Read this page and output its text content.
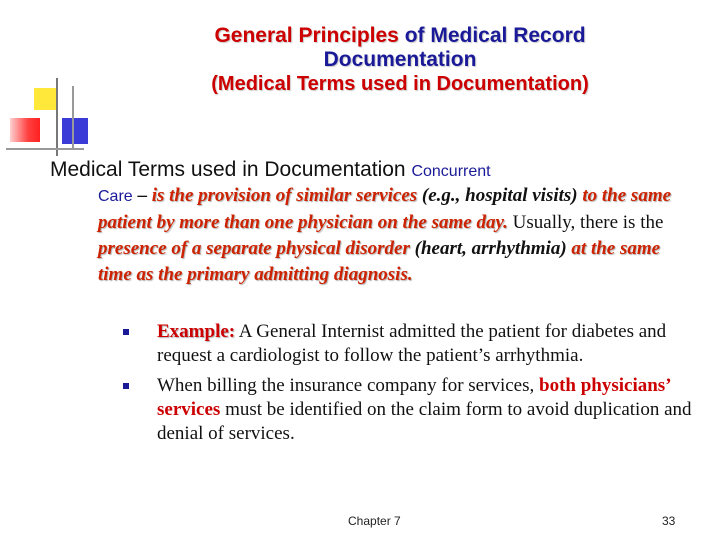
General Principles of Medical Record
Documentation
(Medical Terms used in Documentation)
Medical Terms used in Documentation Concurrent
Care – is the provision of similar services (e.g., hospital visits) to the same patient by more than one physician on the same day. Usually, there is the presence of a separate physical disorder (heart, arrhythmia) at the same time as the primary admitting diagnosis.
Example: A General Internist admitted the patient for diabetes and request a cardiologist to follow the patient’s arrhythmia.
When billing the insurance company for services, both physicians’ services must be identified on the claim form to avoid duplication and denial of services.
Chapter 7	33
